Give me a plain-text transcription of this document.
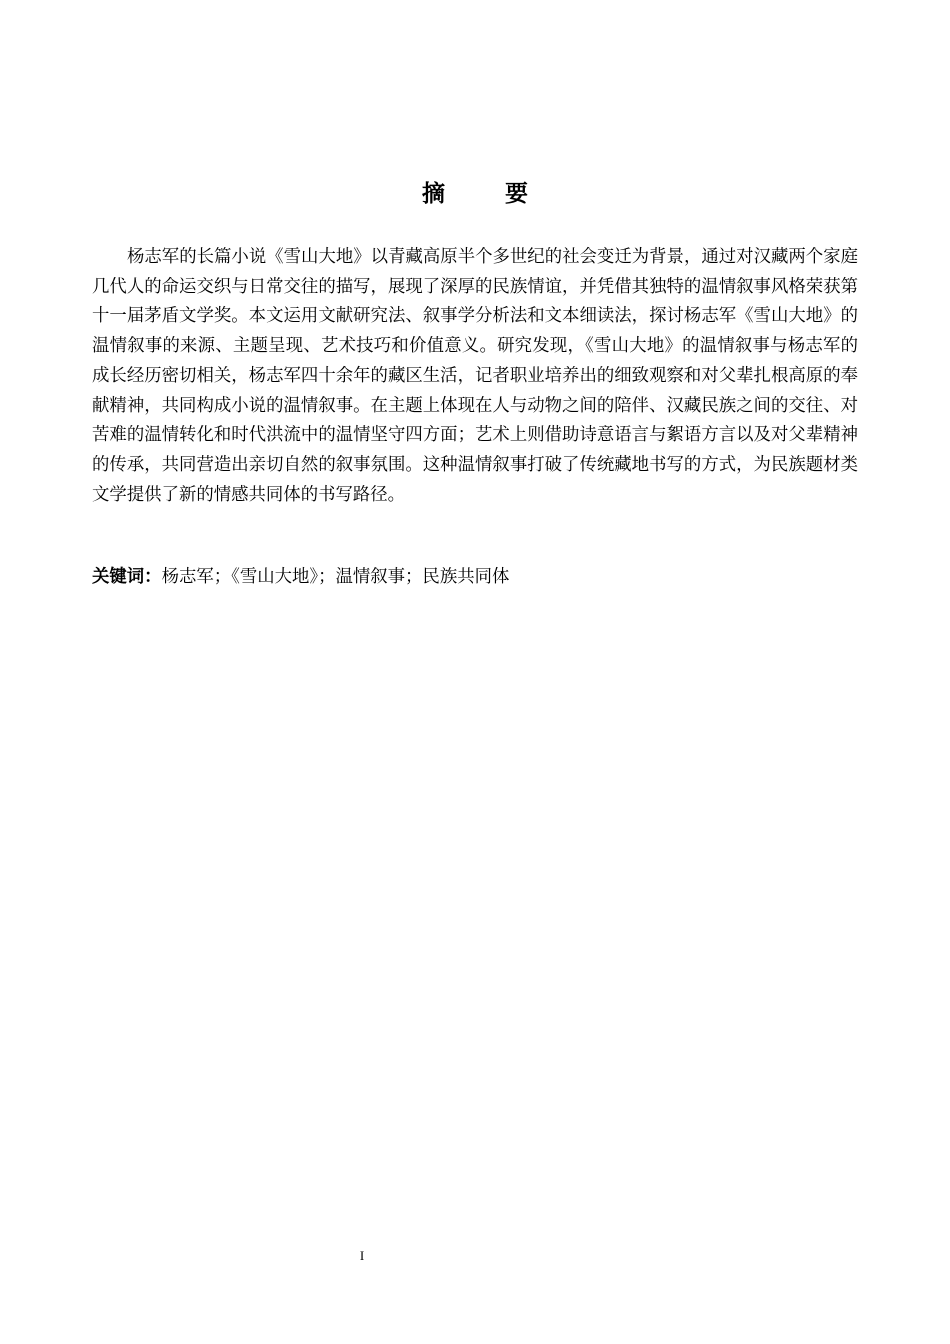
摘 要

杨志军的长篇小说《雪山大地》以青藏高原半个多世纪的社会变迁为背景，通过对汉藏两个家庭几代人的命运交织与日常交往的描写，展现了深厚的民族情谊，并凭借其独特的温情叙事风格荣获第十一届茅盾文学奖。本文运用文献研究法、叙事学分析法和文本细读法，探讨杨志军《雪山大地》的温情叙事的来源、主题呈现、艺术技巧和价值意义。研究发现，《雪山大地》的温情叙事与杨志军的成长经历密切相关，杨志军四十余年的藏区生活，记者职业培养出的细致观察和对父辈扎根高原的奉献精神，共同构成小说的温情叙事。在主题上体现在人与动物之间的陪伴、汉藏民族之间的交往、对苦难的温情转化和时代洪流中的温情坚守四方面；艺术上则借助诗意语言与絮语方言以及对父辈精神的传承，共同营造出亲切自然的叙事氛围。这种温情叙事打破了传统藏地书写的方式，为民族题材类文学提供了新的情感共同体的书写路径。

关键词：杨志军；《雪山大地》；温情叙事；民族共同体
I
